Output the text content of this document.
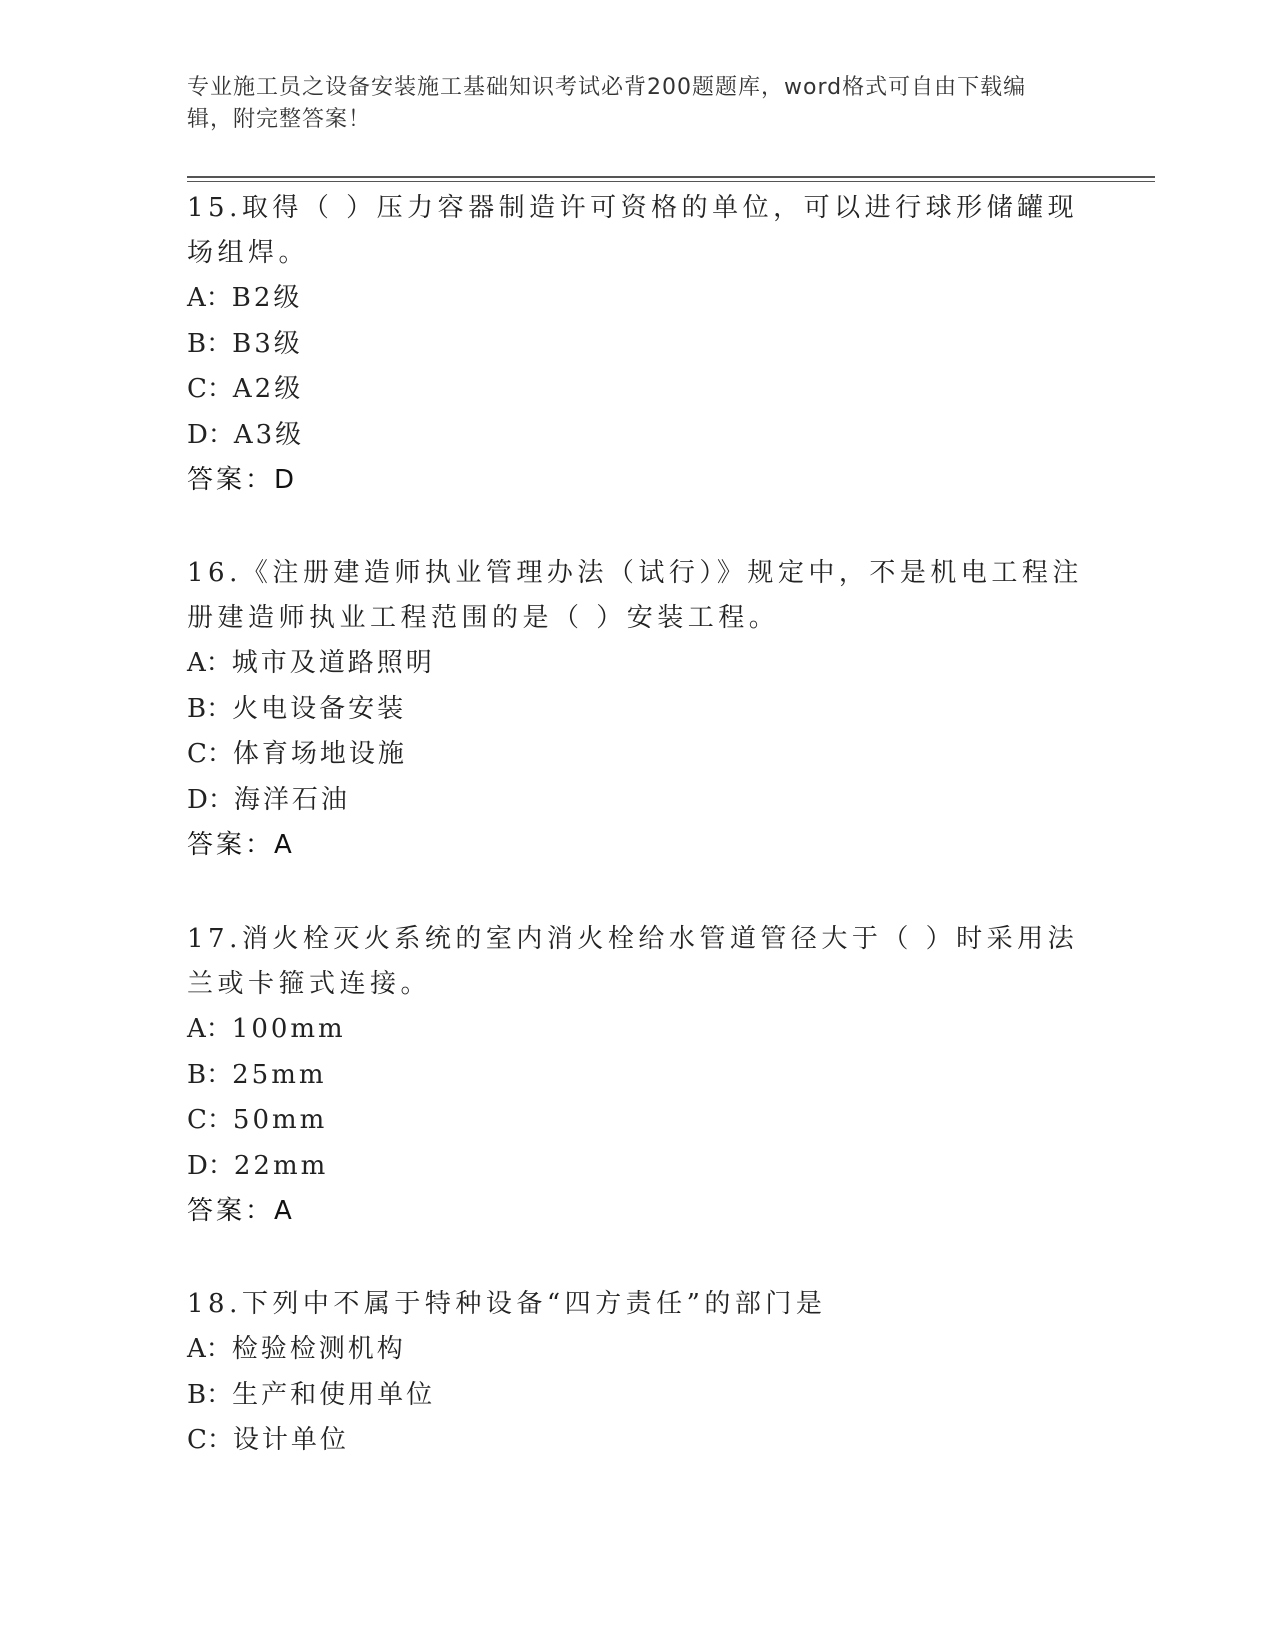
专业施工员之设备安装施工基础知识考试必背200题题库，word格式可自由下载编辑，附完整答案！
15.取得（ ）压力容器制造许可资格的单位，可以进行球形储罐现场组焊。
A：B2级
B：B3级
C：A2级
D：A3级
答案：D
16.《注册建造师执业管理办法（试行）》规定中，不是机电工程注册建造师执业工程范围的是（ ）安装工程。
A：城市及道路照明
B：火电设备安装
C：体育场地设施
D：海洋石油
答案：A
17.消火栓灭火系统的室内消火栓给水管道管径大于（ ）时采用法兰或卡箍式连接。
A：100mm
B：25mm
C：50mm
D：22mm
答案：A
18.下列中不属于特种设备“四方责任”的部门是
A：检验检测机构
B：生产和使用单位
C：设计单位
